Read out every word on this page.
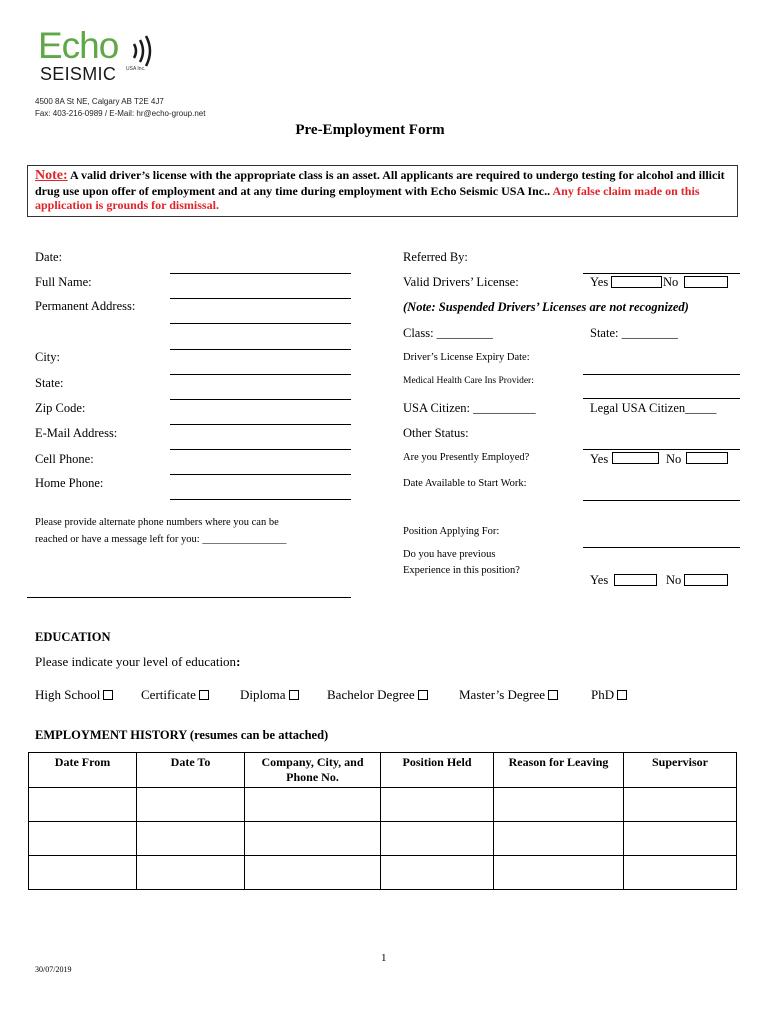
Echo
SEISMIC USA Inc.
4500 8A St NE, Calgary AB T2E 4J7
Fax: 403-216-0989 / E-Mail: hr@echo-group.net
Pre-Employment Form
Note: A valid driver’s license with the appropriate class is an asset. All applicants are required to undergo testing for alcohol and illicit drug use upon offer of employment and at any time during employment with Echo Seismic USA Inc.. Any false claim made on this application is grounds for dismissal.
Date:
Full Name:
Permanent Address:
City:
State:
Zip Code:
E-Mail Address:
Cell Phone:
Home Phone:
Please provide alternate phone numbers where you can be
reached or have a message left for you: ________________
Referred By:
Valid Drivers’ License:	Yes	No
(Note: Suspended Drivers’ Licenses are not recognized)
Class: _________	State: _________
Driver’s License Expiry Date:
Medical Health Care Ins Provider:
USA Citizen: __________	Legal USA Citizen_____
Other Status:
Are you Presently Employed?	Yes	No
Date Available to Start Work:
Position Applying For:
Do you have previous
Experience in this position?
Yes	No
EDUCATION
Please indicate your level of education:
High School	Certificate	Diploma	Bachelor Degree	Master’s Degree	PhD
EMPLOYMENT HISTORY (resumes can be attached)
Date From	Date To	Company, City, and Phone No.	Position Held	Reason for Leaving	Supervisor

1
30/07/2019
